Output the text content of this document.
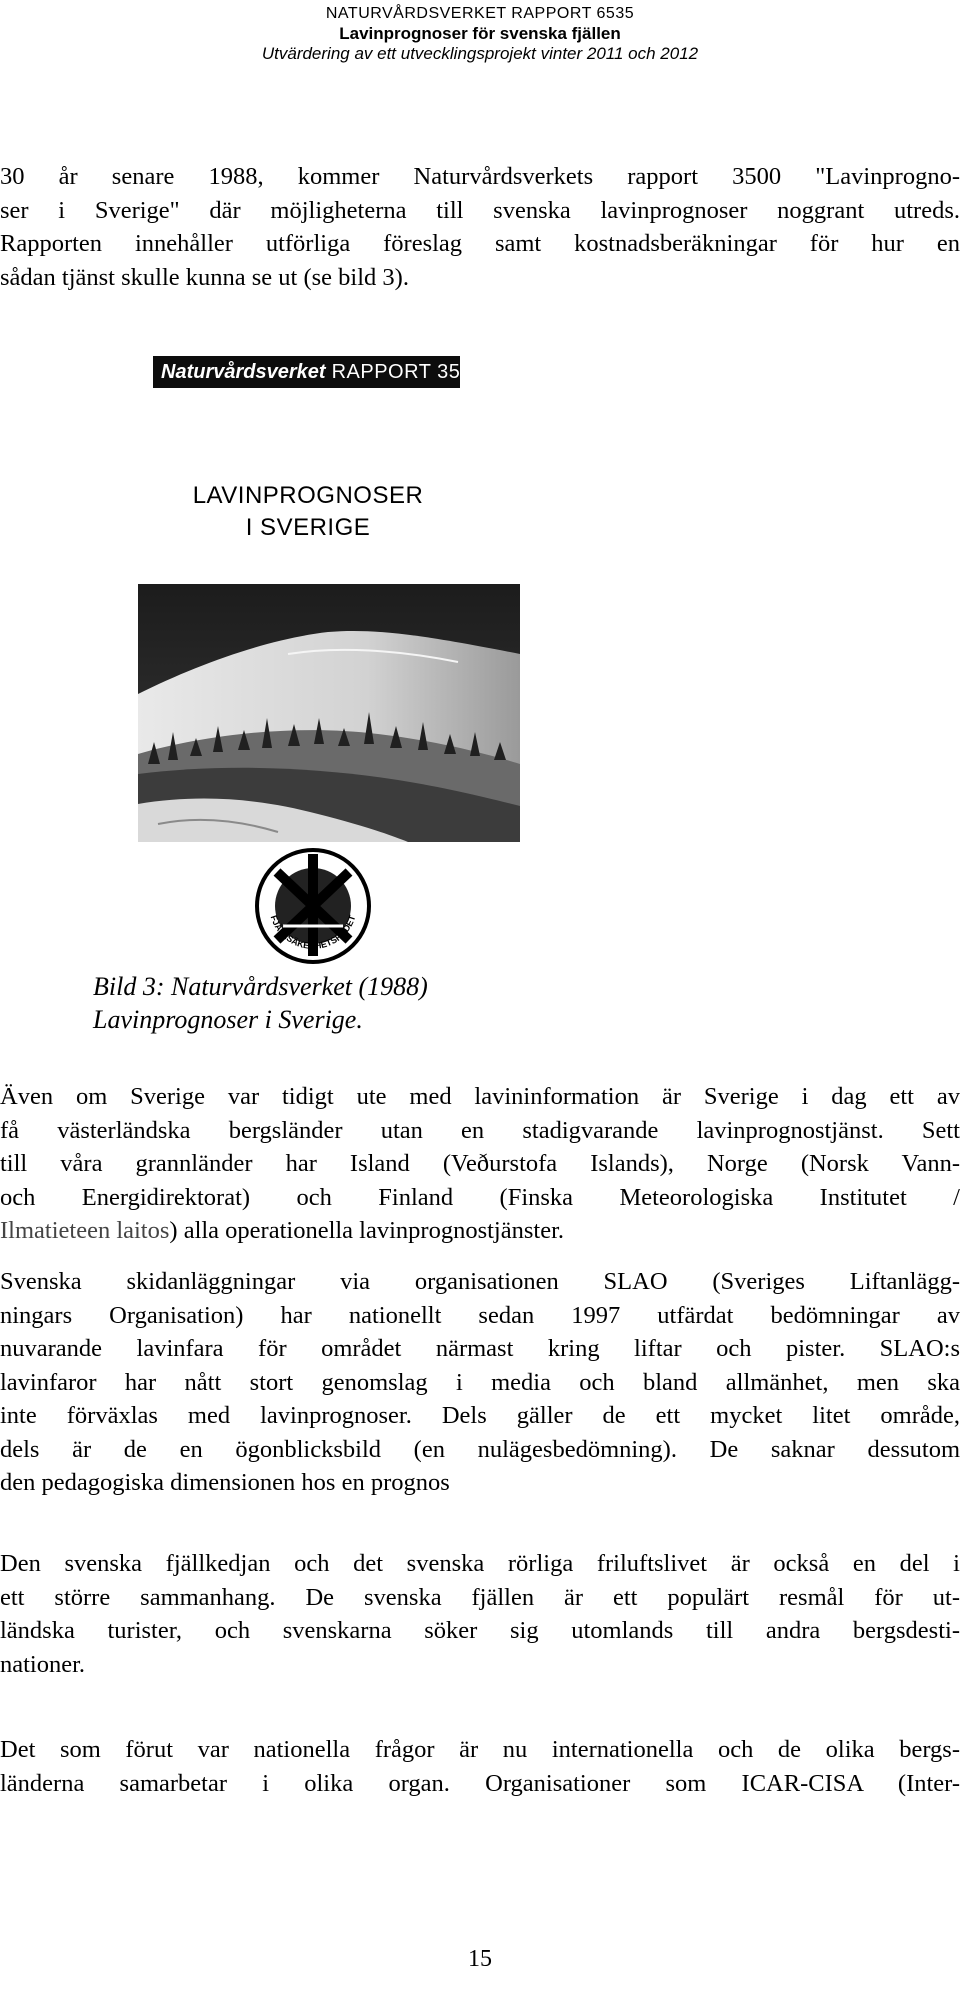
NATURVÅRDSVERKET RAPPORT 6535
Lavinprognoser för svenska fjällen
Utvärdering av ett utvecklingsprojekt vinter 2011 och 2012
30 år senare 1988, kommer Naturvårdsverkets rapport 3500 "Lavinprogno-
ser i Sverige" där möjligheterna till svenska lavinprognoser noggrant utreds.
Rapporten innehåller utförliga föreslag samt kostnadsberäkningar för hur en
sådan tjänst skulle kunna se ut (se bild 3).
Naturvårdsverket RAPPORT 3500
LAVINPROGNOSER
I SVERIGE
FJÄLLSÄKERHETSRÅDET
Bild 3: Naturvårdsverket (1988)
Lavinprognoser i Sverige.
Även om Sverige var tidigt ute med lavininformation är Sverige i dag ett av
få västerländska bergsländer utan en stadigvarande lavinprognostjänst. Sett
till våra grannländer har Island (Veðurstofa Islands), Norge (Norsk Vann-
och Energidirektorat) och Finland (Finska Meteorologiska Institutet /
Ilmatieteen laitos) alla operationella lavinprognostjänster.
Svenska skidanläggningar via organisationen SLAO (Sveriges Liftanlägg-
ningars Organisation) har nationellt sedan 1997 utfärdat bedömningar av
nuvarande lavinfara för området närmast kring liftar och pister. SLAO:s
lavinfaror har nått stort genomslag i media och bland allmänhet, men ska
inte förväxlas med lavinprognoser. Dels gäller de ett mycket litet område,
dels är de en ögonblicksbild (en nulägesbedömning). De saknar dessutom
den pedagogiska dimensionen hos en prognos
Den svenska fjällkedjan och det svenska rörliga friluftslivet är också en del i
ett större sammanhang. De svenska fjällen är ett populärt resmål för ut-
ländska turister, och svenskarna söker sig utomlands till andra bergsdesti-
nationer.
Det som förut var nationella frågor är nu internationella och de olika bergs-
länderna samarbetar i olika organ. Organisationer som ICAR-CISA (Inter-
15
